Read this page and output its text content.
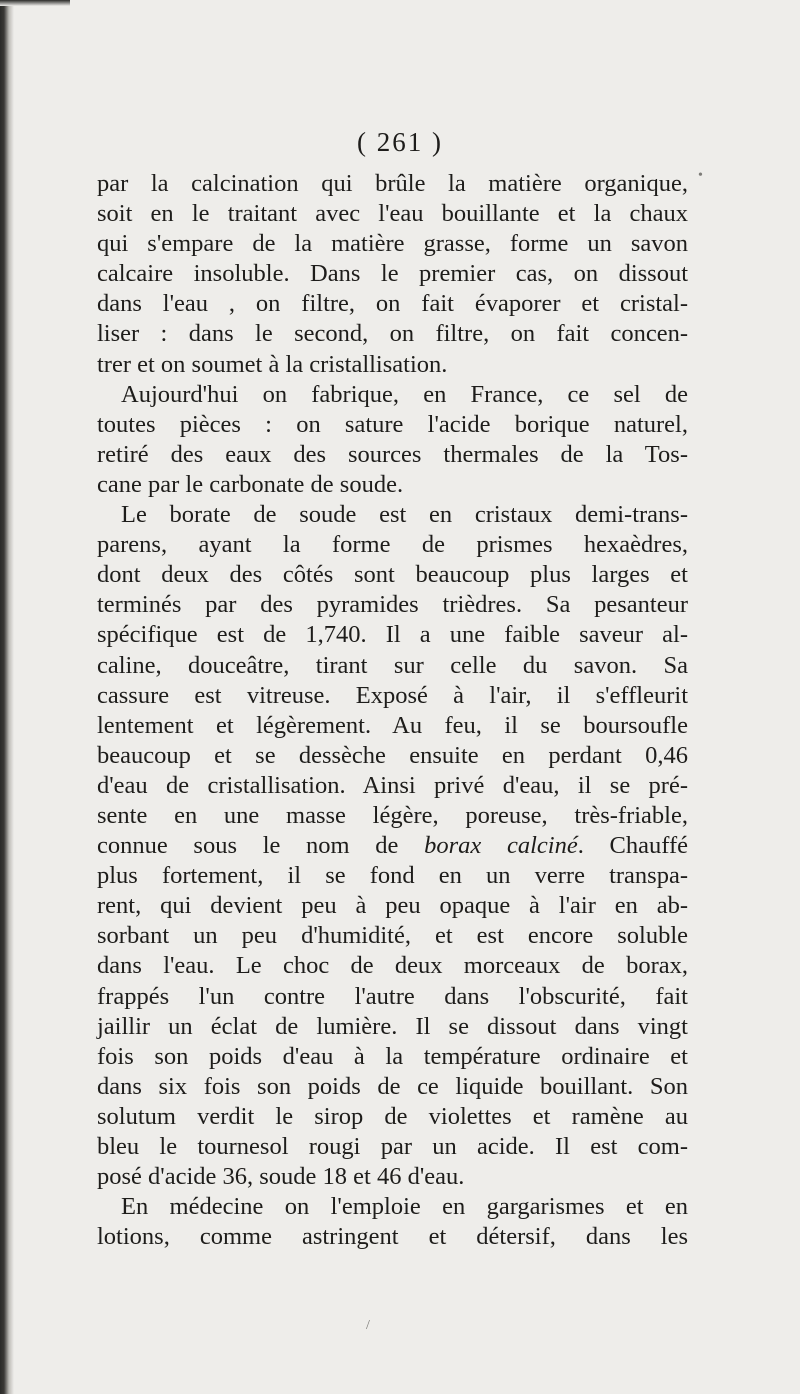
( 261 )
par la calcination qui brûle la matière organique,
soit en le traitant avec l'eau bouillante et la chaux
qui s'empare de la matière grasse, forme un savon
calcaire insoluble. Dans le premier cas, on dissout
dans l'eau , on filtre, on fait évaporer et cristal-
liser : dans le second, on filtre, on fait concen-
trer et on soumet à la cristallisation.
Aujourd'hui on fabrique, en France, ce sel de
toutes pièces : on sature l'acide borique naturel,
retiré des eaux des sources thermales de la Tos-
cane par le carbonate de soude.
Le borate de soude est en cristaux demi-trans-
parens, ayant la forme de prismes hexaèdres,
dont deux des côtés sont beaucoup plus larges et
terminés par des pyramides trièdres. Sa pesanteur
spécifique est de 1,740. Il a une faible saveur al-
caline, douceâtre, tirant sur celle du savon. Sa
cassure est vitreuse. Exposé à l'air, il s'effleurit
lentement et légèrement. Au feu, il se boursoufle
beaucoup et se dessèche ensuite en perdant 0,46
d'eau de cristallisation. Ainsi privé d'eau, il se pré-
sente en une masse légère, poreuse, très-friable,
connue sous le nom de borax calciné. Chauffé
plus fortement, il se fond en un verre transpa-
rent, qui devient peu à peu opaque à l'air en ab-
sorbant un peu d'humidité, et est encore soluble
dans l'eau. Le choc de deux morceaux de borax,
frappés l'un contre l'autre dans l'obscurité, fait
jaillir un éclat de lumière. Il se dissout dans vingt
fois son poids d'eau à la température ordinaire et
dans six fois son poids de ce liquide bouillant. Son
solutum verdit le sirop de violettes et ramène au
bleu le tournesol rougi par un acide. Il est com-
posé d'acide 36, soude 18 et 46 d'eau.
En médecine on l'emploie en gargarismes et en
lotions, comme astringent et détersif, dans les
•
/
